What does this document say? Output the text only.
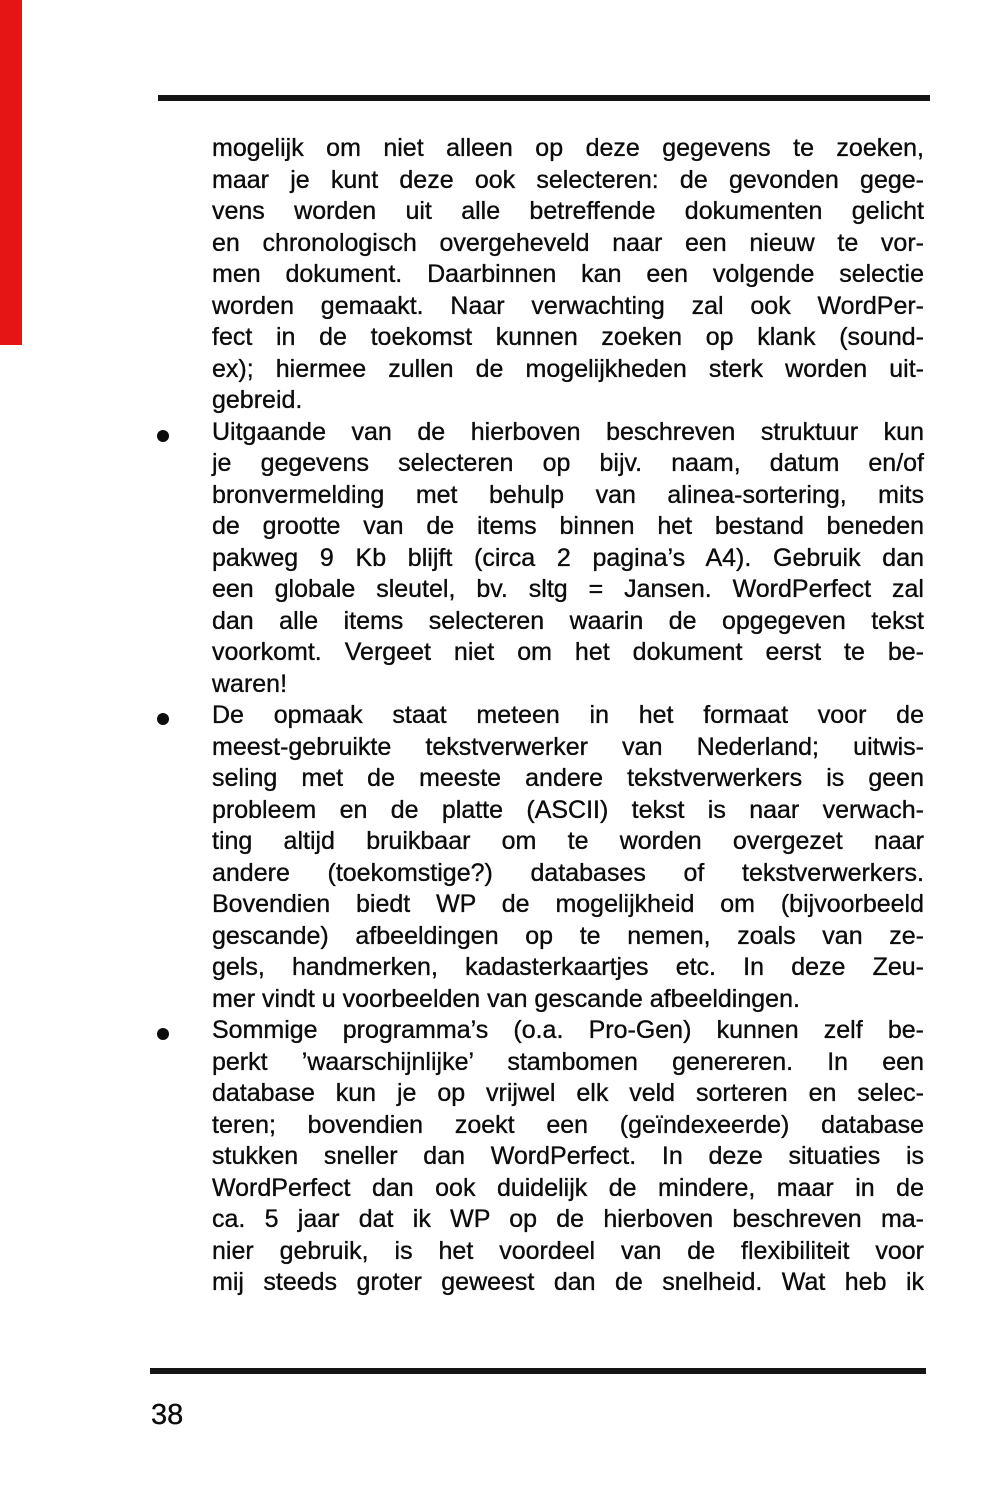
mogelijk om niet alleen op deze gegevens te zoeken,
maar je kunt deze ook selecteren: de gevonden gege-
vens worden uit alle betreffende dokumenten gelicht
en chronologisch overgeheveld naar een nieuw te vor-
men dokument. Daarbinnen kan een volgende selectie
worden gemaakt. Naar verwachting zal ook WordPer-
fect in de toekomst kunnen zoeken op klank (sound-
ex); hiermee zullen de mogelijkheden sterk worden uit-
gebreid.
Uitgaande van de hierboven beschreven struktuur kun
je gegevens selecteren op bijv. naam, datum en/of
bronvermelding met behulp van alinea-sortering, mits
de grootte van de items binnen het bestand beneden
pakweg 9 Kb blijft (circa 2 pagina’s A4). Gebruik dan
een globale sleutel, bv. sltg = Jansen. WordPerfect zal
dan alle items selecteren waarin de opgegeven tekst
voorkomt. Vergeet niet om het dokument eerst te be-
waren!
De opmaak staat meteen in het formaat voor de
meest-gebruikte tekstverwerker van Nederland; uitwis-
seling met de meeste andere tekstverwerkers is geen
probleem en de platte (ASCII) tekst is naar verwach-
ting altijd bruikbaar om te worden overgezet naar
andere (toekomstige?) databases of tekstverwerkers.
Bovendien biedt WP de mogelijkheid om (bijvoorbeeld
gescande) afbeeldingen op te nemen, zoals van ze-
gels, handmerken, kadasterkaartjes etc. In deze Zeu-
mer vindt u voorbeelden van gescande afbeeldingen.
Sommige programma’s (o.a. Pro-Gen) kunnen zelf be-
perkt ’waarschijnlijke’ stambomen genereren. In een
database kun je op vrijwel elk veld sorteren en selec-
teren; bovendien zoekt een (geïndexeerde) database
stukken sneller dan WordPerfect. In deze situaties is
WordPerfect dan ook duidelijk de mindere, maar in de
ca. 5 jaar dat ik WP op de hierboven beschreven ma-
nier gebruik, is het voordeel van de flexibiliteit voor
mij steeds groter geweest dan de snelheid. Wat heb ik
38
